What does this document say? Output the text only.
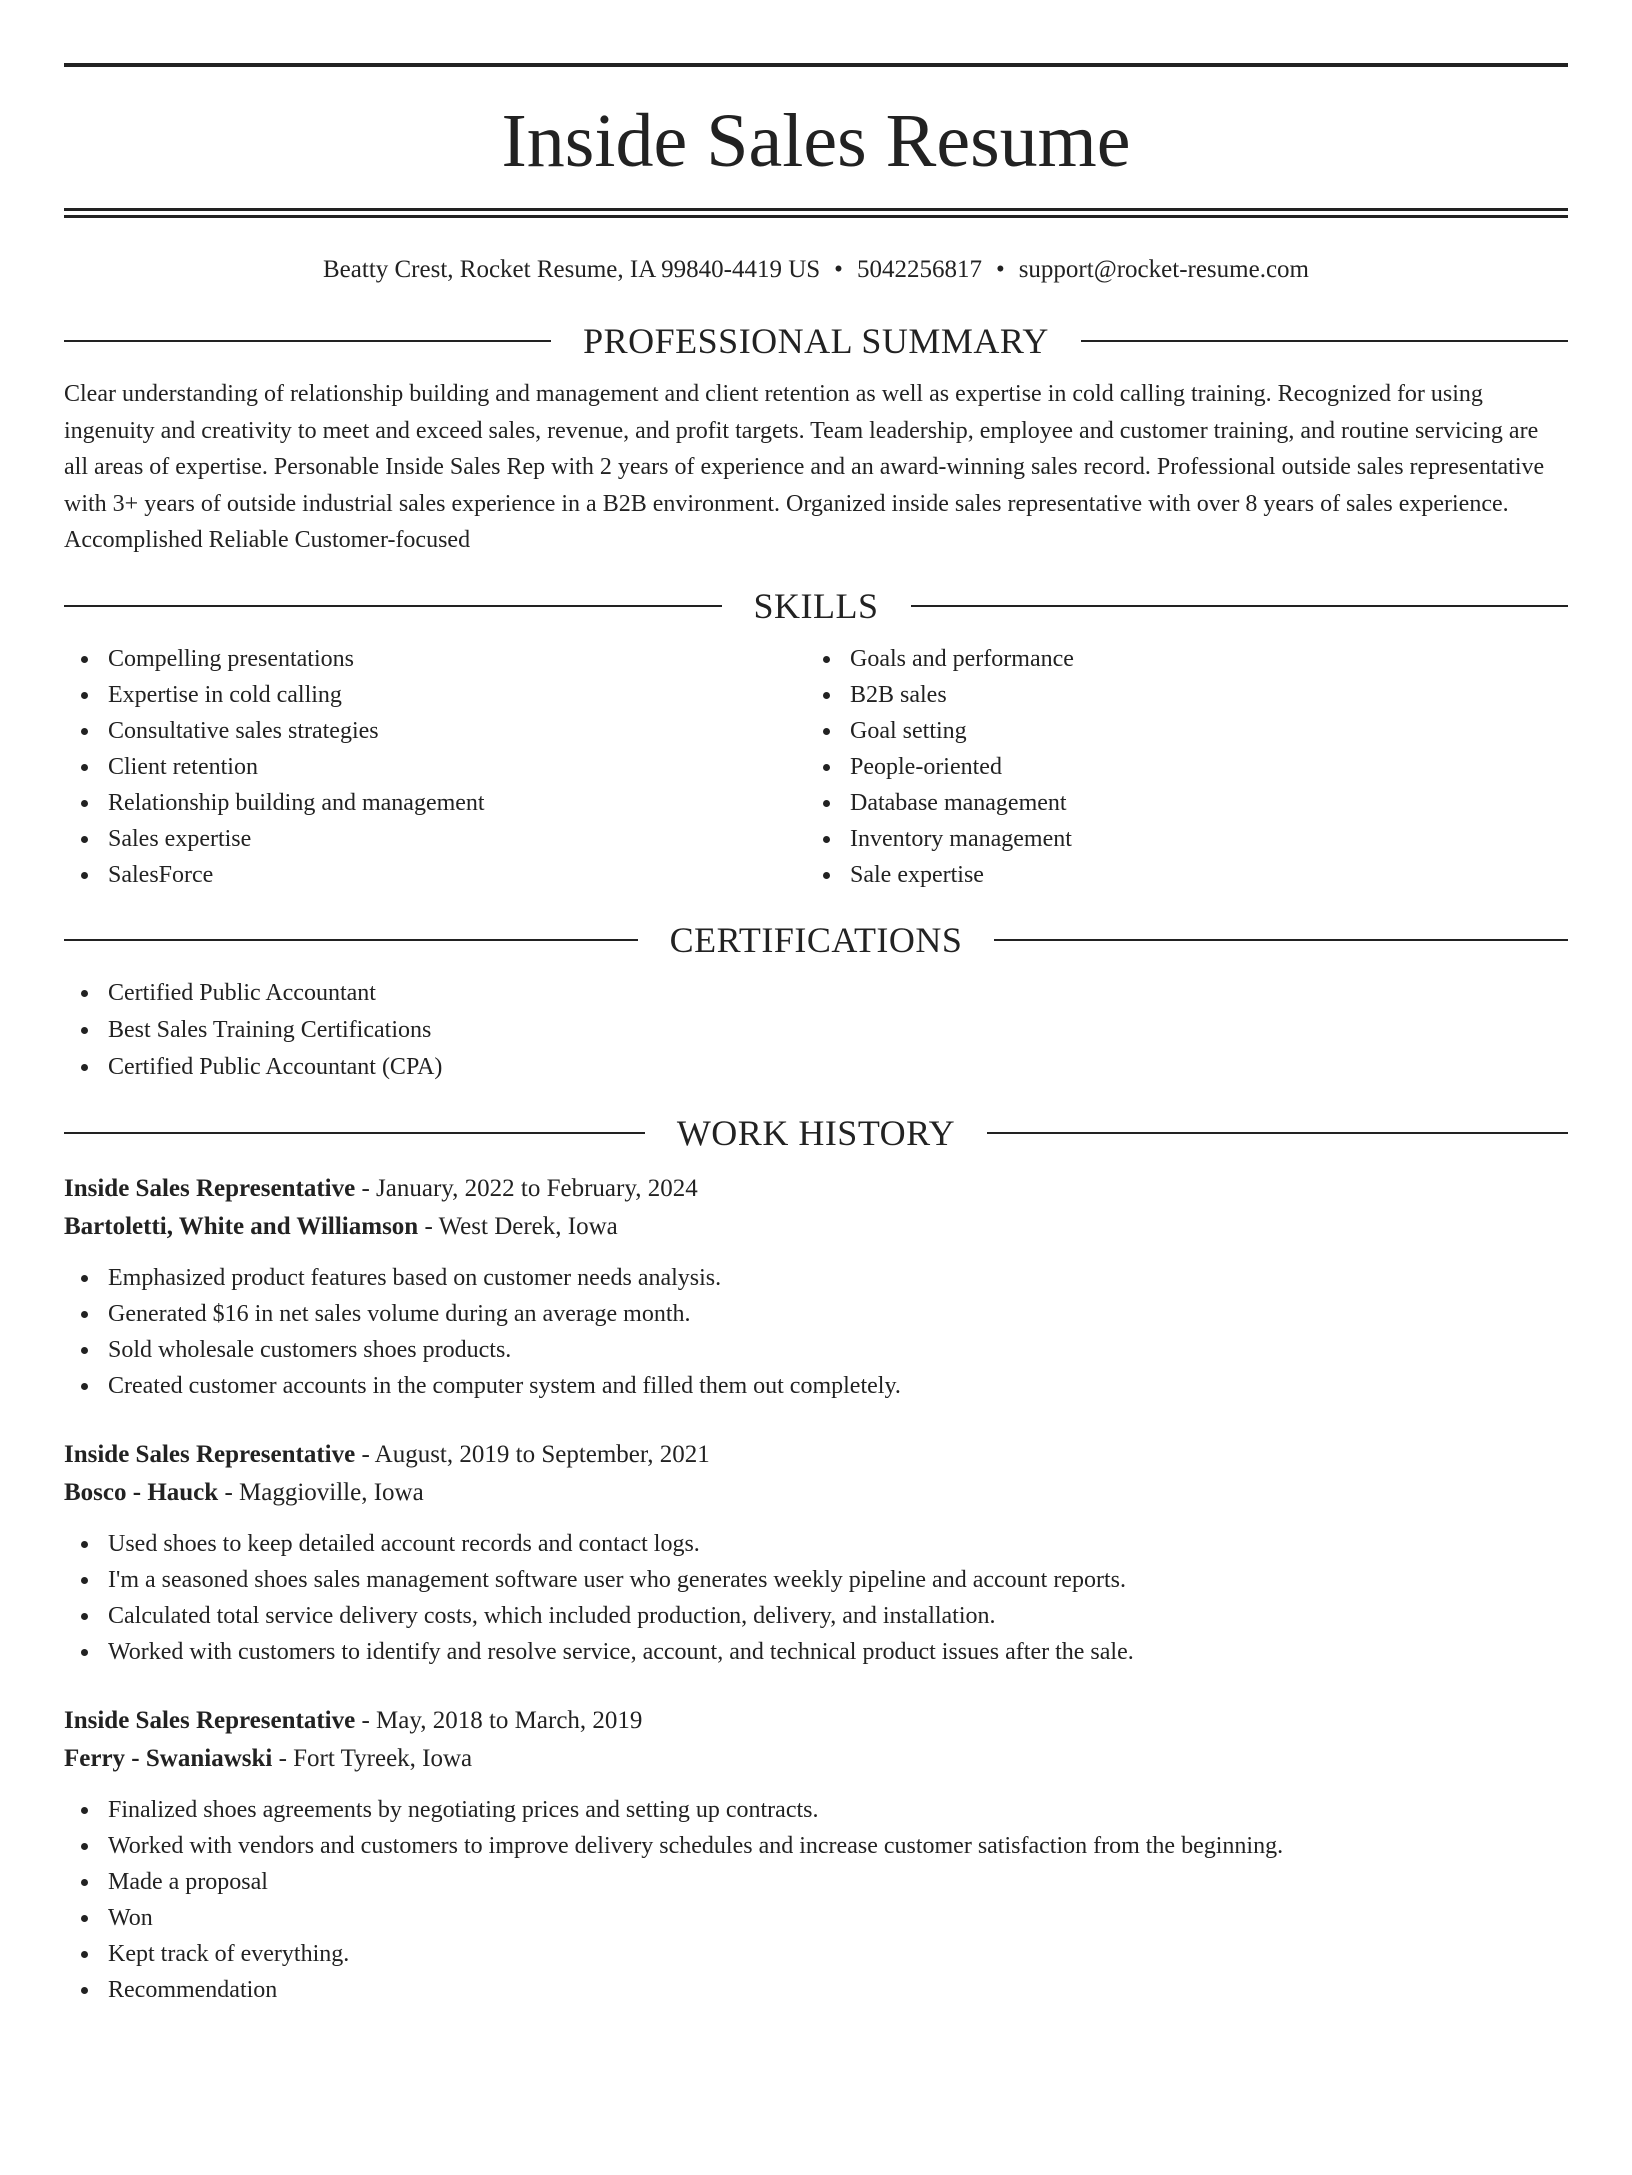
Inside Sales Resume
Beatty Crest, Rocket Resume, IA 99840-4419 US • 5042256817 • support@rocket-resume.com
PROFESSIONAL SUMMARY
Clear understanding of relationship building and management and client retention as well as expertise in cold calling training. Recognized for using ingenuity and creativity to meet and exceed sales, revenue, and profit targets. Team leadership, employee and customer training, and routine servicing are all areas of expertise. Personable Inside Sales Rep with 2 years of experience and an award-winning sales record. Professional outside sales representative with 3+ years of outside industrial sales experience in a B2B environment. Organized inside sales representative with over 8 years of sales experience. Accomplished Reliable Customer-focused
SKILLS
Compelling presentations
Expertise in cold calling
Consultative sales strategies
Client retention
Relationship building and management
Sales expertise
SalesForce
Goals and performance
B2B sales
Goal setting
People-oriented
Database management
Inventory management
Sale expertise
CERTIFICATIONS
Certified Public Accountant
Best Sales Training Certifications
Certified Public Accountant (CPA)
WORK HISTORY
Inside Sales Representative - January, 2022 to February, 2024
Bartoletti, White and Williamson - West Derek, Iowa
Emphasized product features based on customer needs analysis.
Generated $16 in net sales volume during an average month.
Sold wholesale customers shoes products.
Created customer accounts in the computer system and filled them out completely.
Inside Sales Representative - August, 2019 to September, 2021
Bosco - Hauck - Maggioville, Iowa
Used shoes to keep detailed account records and contact logs.
I'm a seasoned shoes sales management software user who generates weekly pipeline and account reports.
Calculated total service delivery costs, which included production, delivery, and installation.
Worked with customers to identify and resolve service, account, and technical product issues after the sale.
Inside Sales Representative - May, 2018 to March, 2019
Ferry - Swaniawski - Fort Tyreek, Iowa
Finalized shoes agreements by negotiating prices and setting up contracts.
Worked with vendors and customers to improve delivery schedules and increase customer satisfaction from the beginning.
Made a proposal
Won
Kept track of everything.
Recommendation
